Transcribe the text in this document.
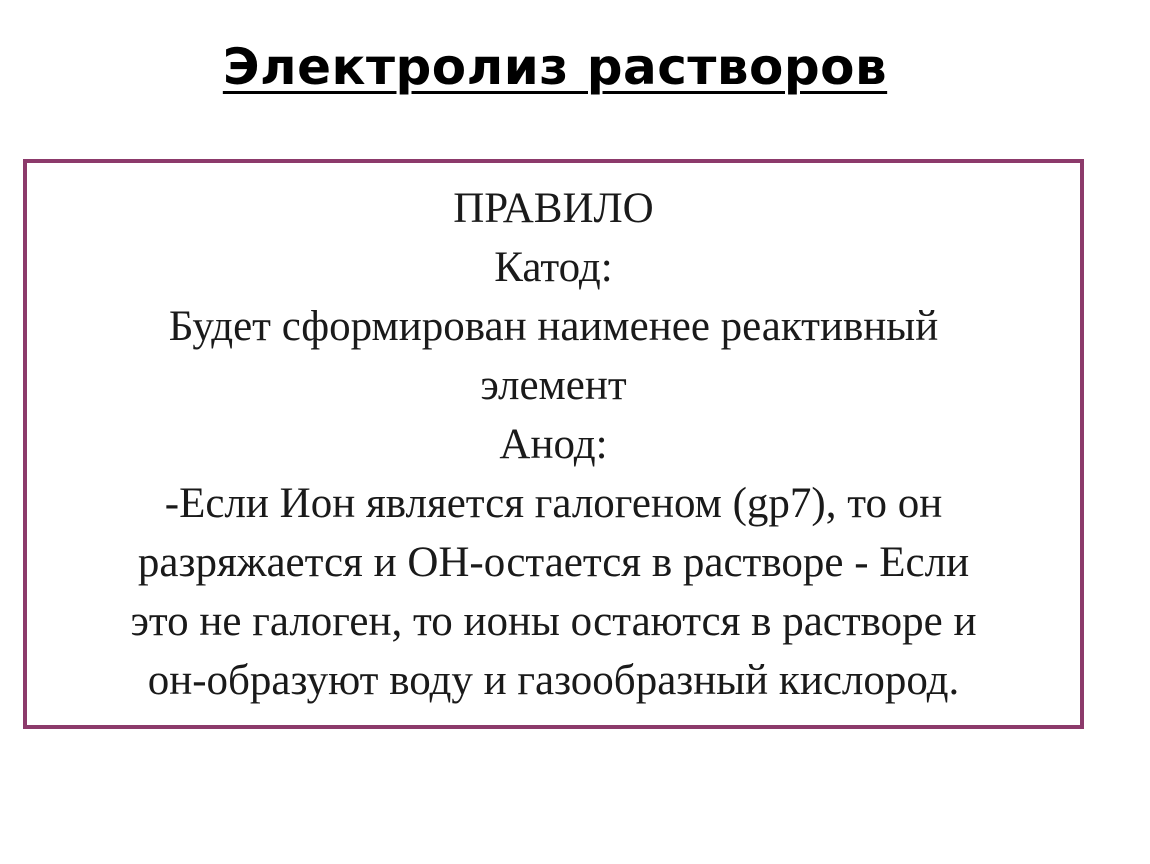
Электролиз растворов
ПРАВИЛО
Катод:
Будет сформирован наименее реактивный
элемент
Анод:
-Если Ион является галогеном (gp7), то он
разряжается и ОН-остается в растворе - Если
это не галоген, то ионы остаются в растворе и
он-образуют воду и газообразный кислород.
